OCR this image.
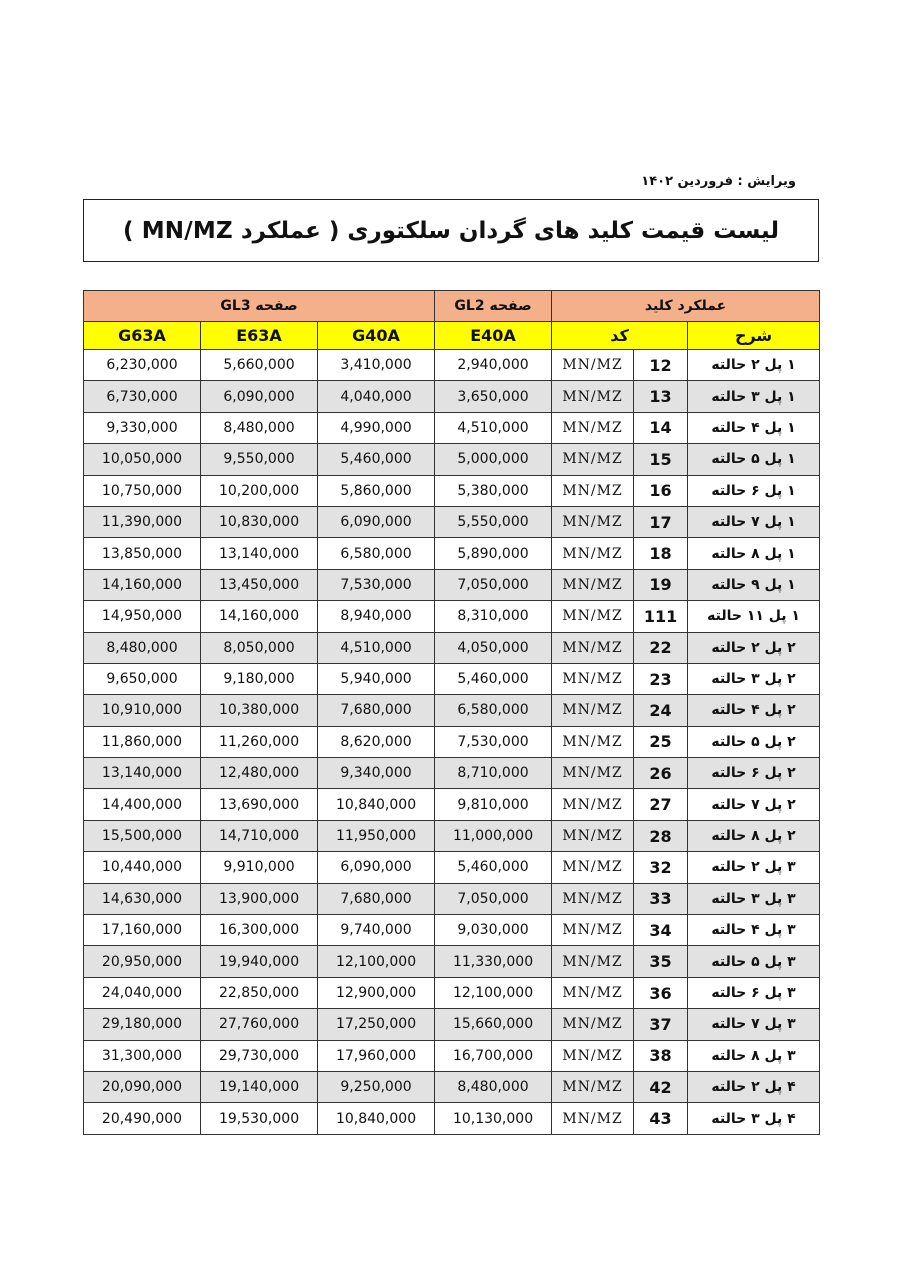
ویرایش : فروردین ۱۴۰۲
لیست قیمت کلید های گردان سلکتوری ( عملکرد MN/MZ )
عملکرد کلید			صفحه GL2	صفحه GL3		
شرح	کد		E40A	G40A	E63A	G63A
۱ پل ۲ حالته	12	MN/MZ	2,940,000	3,410,000	5,660,000	6,230,000
۱ پل ۳ حالته	13	MN/MZ	3,650,000	4,040,000	6,090,000	6,730,000
۱ پل ۴ حالته	14	MN/MZ	4,510,000	4,990,000	8,480,000	9,330,000
۱ پل ۵ حالته	15	MN/MZ	5,000,000	5,460,000	9,550,000	10,050,000
۱ پل ۶ حالته	16	MN/MZ	5,380,000	5,860,000	10,200,000	10,750,000
۱ پل ۷ حالته	17	MN/MZ	5,550,000	6,090,000	10,830,000	11,390,000
۱ پل ۸ حالته	18	MN/MZ	5,890,000	6,580,000	13,140,000	13,850,000
۱ پل ۹ حالته	19	MN/MZ	7,050,000	7,530,000	13,450,000	14,160,000
۱ پل ۱۱ حالته	111	MN/MZ	8,310,000	8,940,000	14,160,000	14,950,000
۲ پل ۲ حالته	22	MN/MZ	4,050,000	4,510,000	8,050,000	8,480,000
۲ پل ۳ حالته	23	MN/MZ	5,460,000	5,940,000	9,180,000	9,650,000
۲ پل ۴ حالته	24	MN/MZ	6,580,000	7,680,000	10,380,000	10,910,000
۲ پل ۵ حالته	25	MN/MZ	7,530,000	8,620,000	11,260,000	11,860,000
۲ پل ۶ حالته	26	MN/MZ	8,710,000	9,340,000	12,480,000	13,140,000
۲ پل ۷ حالته	27	MN/MZ	9,810,000	10,840,000	13,690,000	14,400,000
۲ پل ۸ حالته	28	MN/MZ	11,000,000	11,950,000	14,710,000	15,500,000
۳ پل ۲ حالته	32	MN/MZ	5,460,000	6,090,000	9,910,000	10,440,000
۳ پل ۳ حالته	33	MN/MZ	7,050,000	7,680,000	13,900,000	14,630,000
۳ پل ۴ حالته	34	MN/MZ	9,030,000	9,740,000	16,300,000	17,160,000
۳ پل ۵ حالته	35	MN/MZ	11,330,000	12,100,000	19,940,000	20,950,000
۳ پل ۶ حالته	36	MN/MZ	12,100,000	12,900,000	22,850,000	24,040,000
۳ پل ۷ حالته	37	MN/MZ	15,660,000	17,250,000	27,760,000	29,180,000
۳ پل ۸ حالته	38	MN/MZ	16,700,000	17,960,000	29,730,000	31,300,000
۴ پل ۲ حالته	42	MN/MZ	8,480,000	9,250,000	19,140,000	20,090,000
۴ پل ۳ حالته	43	MN/MZ	10,130,000	10,840,000	19,530,000	20,490,000
